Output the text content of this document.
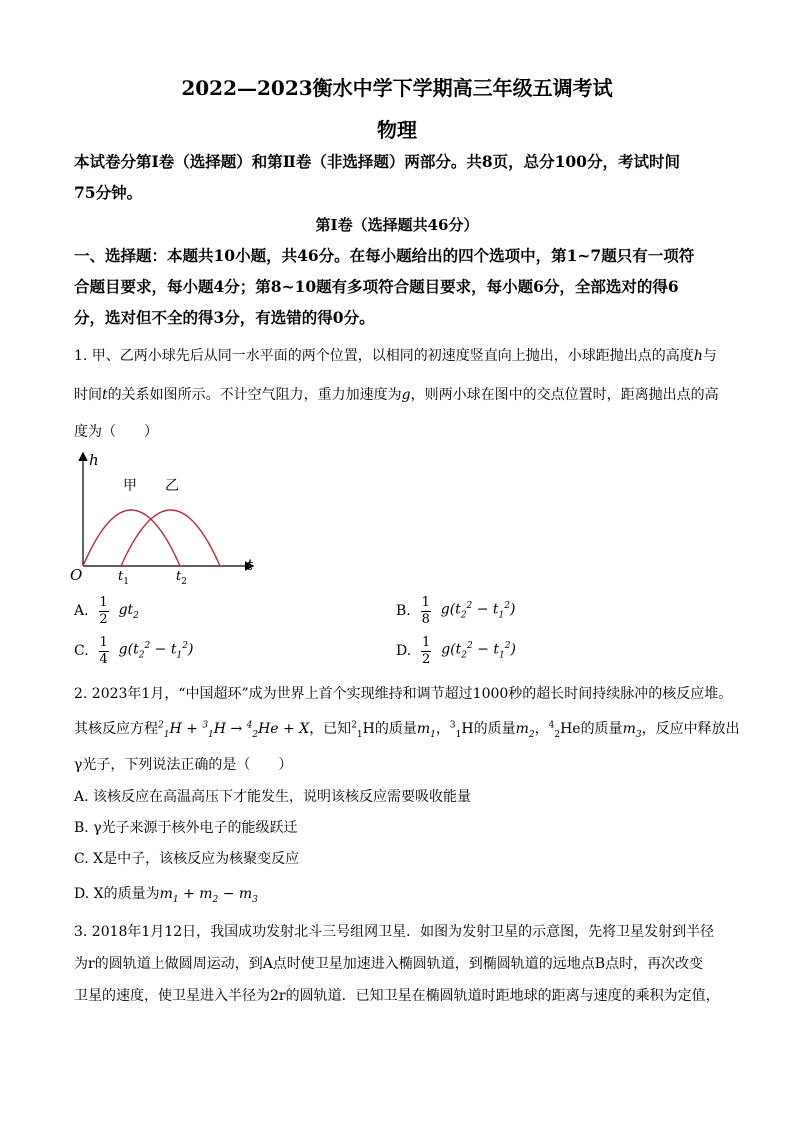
2022—2023衡水中学下学期高三年级五调考试
物理
本试卷分第Ⅰ卷（选择题）和第Ⅱ卷（非选择题）两部分。共8页，总分100分，考试时间
75分钟。
第Ⅰ卷（选择题共46分）
一、选择题：本题共10小题，共46分。在每小题给出的四个选项中，第1~7题只有一项符
合题目要求，每小题4分；第8~10题有多项符合题目要求，每小题6分，全部选对的得6
分，选对但不全的得3分，有选错的得0分。
1. 甲、乙两小球先后从同一水平面的两个位置，以相同的初速度竖直向上抛出，小球距抛出点的高度h与
时间t的关系如图所示。不计空气阻力，重力加速度为g，则两小球在图中的交点位置时，距离抛出点的高
度为（　　）
h
t
O
甲 乙
$t_1$	$t_2$
A. $\frac{1}{2} gt_2$	B. $\frac{1}{8} g(t_2^2 - t_1^2)$
C. $\frac{1}{4} g(t_2^2 - t_1^2)$	D. $\frac{1}{2} g(t_2^2 - t_1^2)$
2. 2023年1月，“中国超环”成为世界上首个实现维持和调节超过1000秒的超长时间持续脉冲的核反应堆。
其核反应方程$^2_1$H + $^3_1$H → $^4_2$He + X，已知$^2_1$H的质量$m_1$，$^3_1$H的质量$m_2$，$^4_2$He的质量$m_3$，反应中释放出
γ光子，下列说法正确的是（　　）
A. 该核反应在高温高压下才能发生，说明该核反应需要吸收能量
B. γ光子来源于核外电子的能级跃迁
C. X是中子，该核反应为核聚变反应
D. X的质量为$m_1 + m_2 - m_3$
3. 2018年1月12日，我国成功发射北斗三号组网卫星．如图为发射卫星的示意图，先将卫星发射到半径
为r的圆轨道上做圆周运动，到A点时使卫星加速进入椭圆轨道，到椭圆轨道的远地点B点时，再次改变
卫星的速度，使卫星进入半径为2r的圆轨道．已知卫星在椭圆轨道时距地球的距离与速度的乘积为定值，
